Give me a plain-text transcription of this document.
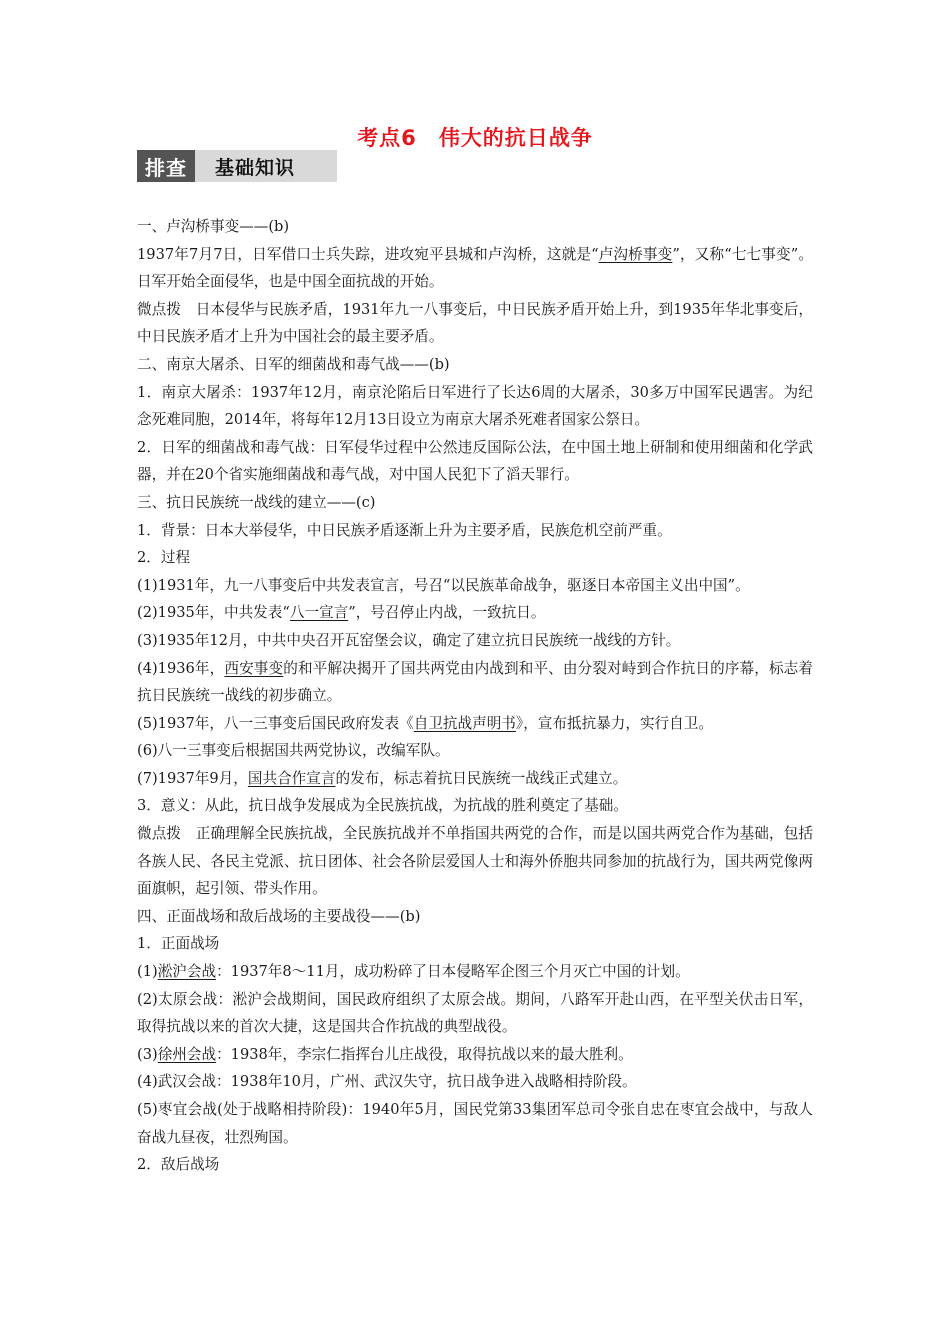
考点6 伟大的抗日战争
排查	基础知识

一、卢沟桥事变——(b)

1937年7月7日，日军借口士兵失踪，进攻宛平县城和卢沟桥，这就是“卢沟桥事变”，又称“七七事变”。日军开始全面侵华，也是中国全面抗战的开始。

微点拨　日本侵华与民族矛盾，1931年九一八事变后，中日民族矛盾开始上升，到1935年华北事变后，中日民族矛盾才上升为中国社会的最主要矛盾。

二、南京大屠杀、日军的细菌战和毒气战——(b)

1．南京大屠杀：1937年12月，南京沦陷后日军进行了长达6周的大屠杀，30多万中国军民遇害。为纪念死难同胞，2014年，将每年12月13日设立为南京大屠杀死难者国家公祭日。

2．日军的细菌战和毒气战：日军侵华过程中公然违反国际公法，在中国土地上研制和使用细菌和化学武器，并在20个省实施细菌战和毒气战，对中国人民犯下了滔天罪行。

三、抗日民族统一战线的建立——(c)

1．背景：日本大举侵华，中日民族矛盾逐渐上升为主要矛盾，民族危机空前严重。

2．过程

(1)1931年，九一八事变后中共发表宣言，号召“以民族革命战争，驱逐日本帝国主义出中国”。

(2)1935年，中共发表“八一宣言”，号召停止内战，一致抗日。

(3)1935年12月，中共中央召开瓦窑堡会议，确定了建立抗日民族统一战线的方针。

(4)1936年，西安事变的和平解决揭开了国共两党由内战到和平、由分裂对峙到合作抗日的序幕，标志着抗日民族统一战线的初步确立。

(5)1937年，八一三事变后国民政府发表《自卫抗战声明书》，宣布抵抗暴力，实行自卫。

(6)八一三事变后根据国共两党协议，改编军队。

(7)1937年9月，国共合作宣言的发布，标志着抗日民族统一战线正式建立。

3．意义：从此，抗日战争发展成为全民族抗战，为抗战的胜利奠定了基础。

微点拨　正确理解全民族抗战，全民族抗战并不单指国共两党的合作，而是以国共两党合作为基础，包括各族人民、各民主党派、抗日团体、社会各阶层爱国人士和海外侨胞共同参加的抗战行为，国共两党像两面旗帜，起引领、带头作用。

四、正面战场和敌后战场的主要战役——(b)

1．正面战场

(1)淞沪会战：1937年8～11月，成功粉碎了日本侵略军企图三个月灭亡中国的计划。

(2)太原会战：淞沪会战期间，国民政府组织了太原会战。期间，八路军开赴山西，在平型关伏击日军，取得抗战以来的首次大捷，这是国共合作抗战的典型战役。

(3)徐州会战：1938年，李宗仁指挥台儿庄战役，取得抗战以来的最大胜利。

(4)武汉会战：1938年10月，广州、武汉失守，抗日战争进入战略相持阶段。

(5)枣宜会战(处于战略相持阶段)：1940年5月，国民党第33集团军总司令张自忠在枣宜会战中，与敌人奋战九昼夜，壮烈殉国。

2．敌后战场
